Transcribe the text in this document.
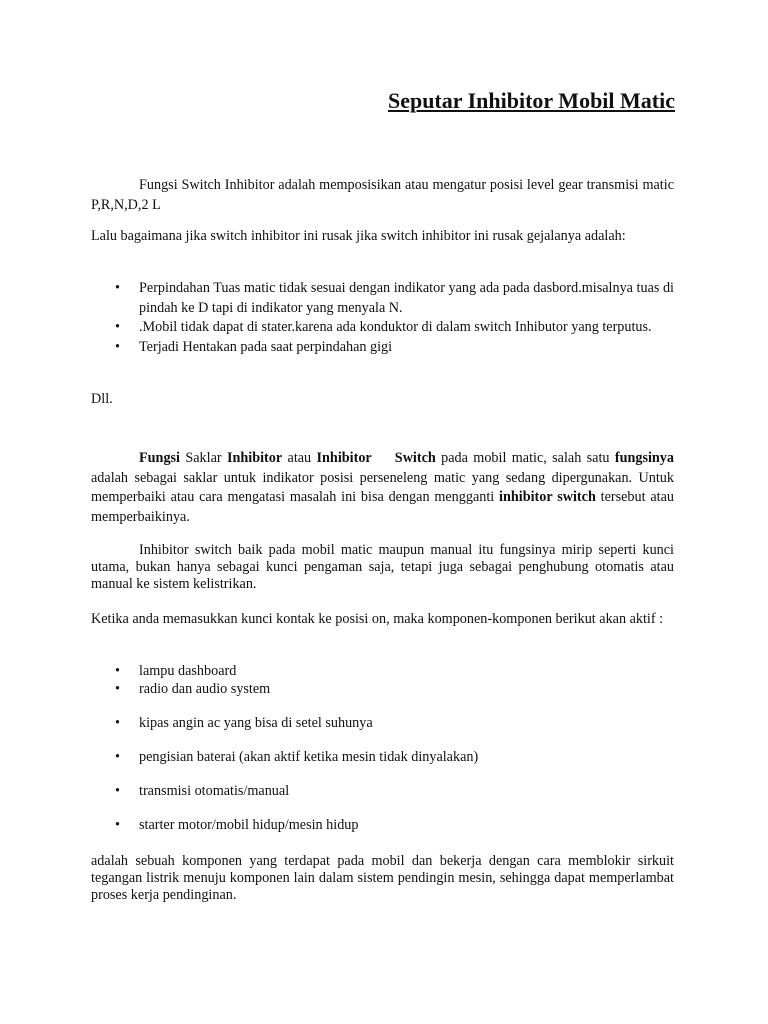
Seputar Inhibitor Mobil Matic

Fungsi Switch Inhibitor adalah memposisikan atau mengatur posisi level gear transmisi matic P,R,N,D,2 L

Lalu bagaimana jika switch inhibitor ini rusak jika switch inhibitor ini rusak gejalanya adalah:

• Perpindahan Tuas matic tidak sesuai dengan indikator yang ada pada dasbord.misalnya tuas di pindah ke D tapi di indikator yang menyala N.
• .Mobil tidak dapat di stater.karena ada konduktor di dalam switch Inhibutor yang terputus.
• Terjadi Hentakan pada saat perpindahan gigi

Dll.

Fungsi Saklar Inhibitor atau Inhibitor Switch pada mobil matic, salah satu fungsinya adalah sebagai saklar untuk indikator posisi perseneleng matic yang sedang dipergunakan. Untuk memperbaiki atau cara mengatasi masalah ini bisa dengan mengganti inhibitor switch tersebut atau memperbaikinya.

Inhibitor switch baik pada mobil matic maupun manual itu fungsinya mirip seperti kunci utama, bukan hanya sebagai kunci pengaman saja, tetapi juga sebagai penghubung otomatis atau manual ke sistem kelistrikan.

Ketika anda memasukkan kunci kontak ke posisi on, maka komponen-komponen berikut akan aktif :

• lampu dashboard
• radio dan audio system
• kipas angin ac yang bisa di setel suhunya
• pengisian baterai (akan aktif ketika mesin tidak dinyalakan)
• transmisi otomatis/manual
• starter motor/mobil hidup/mesin hidup

adalah sebuah komponen yang terdapat pada mobil dan bekerja dengan cara memblokir sirkuit tegangan listrik menuju komponen lain dalam sistem pendingin mesin, sehingga dapat memperlambat proses kerja pendinginan.
